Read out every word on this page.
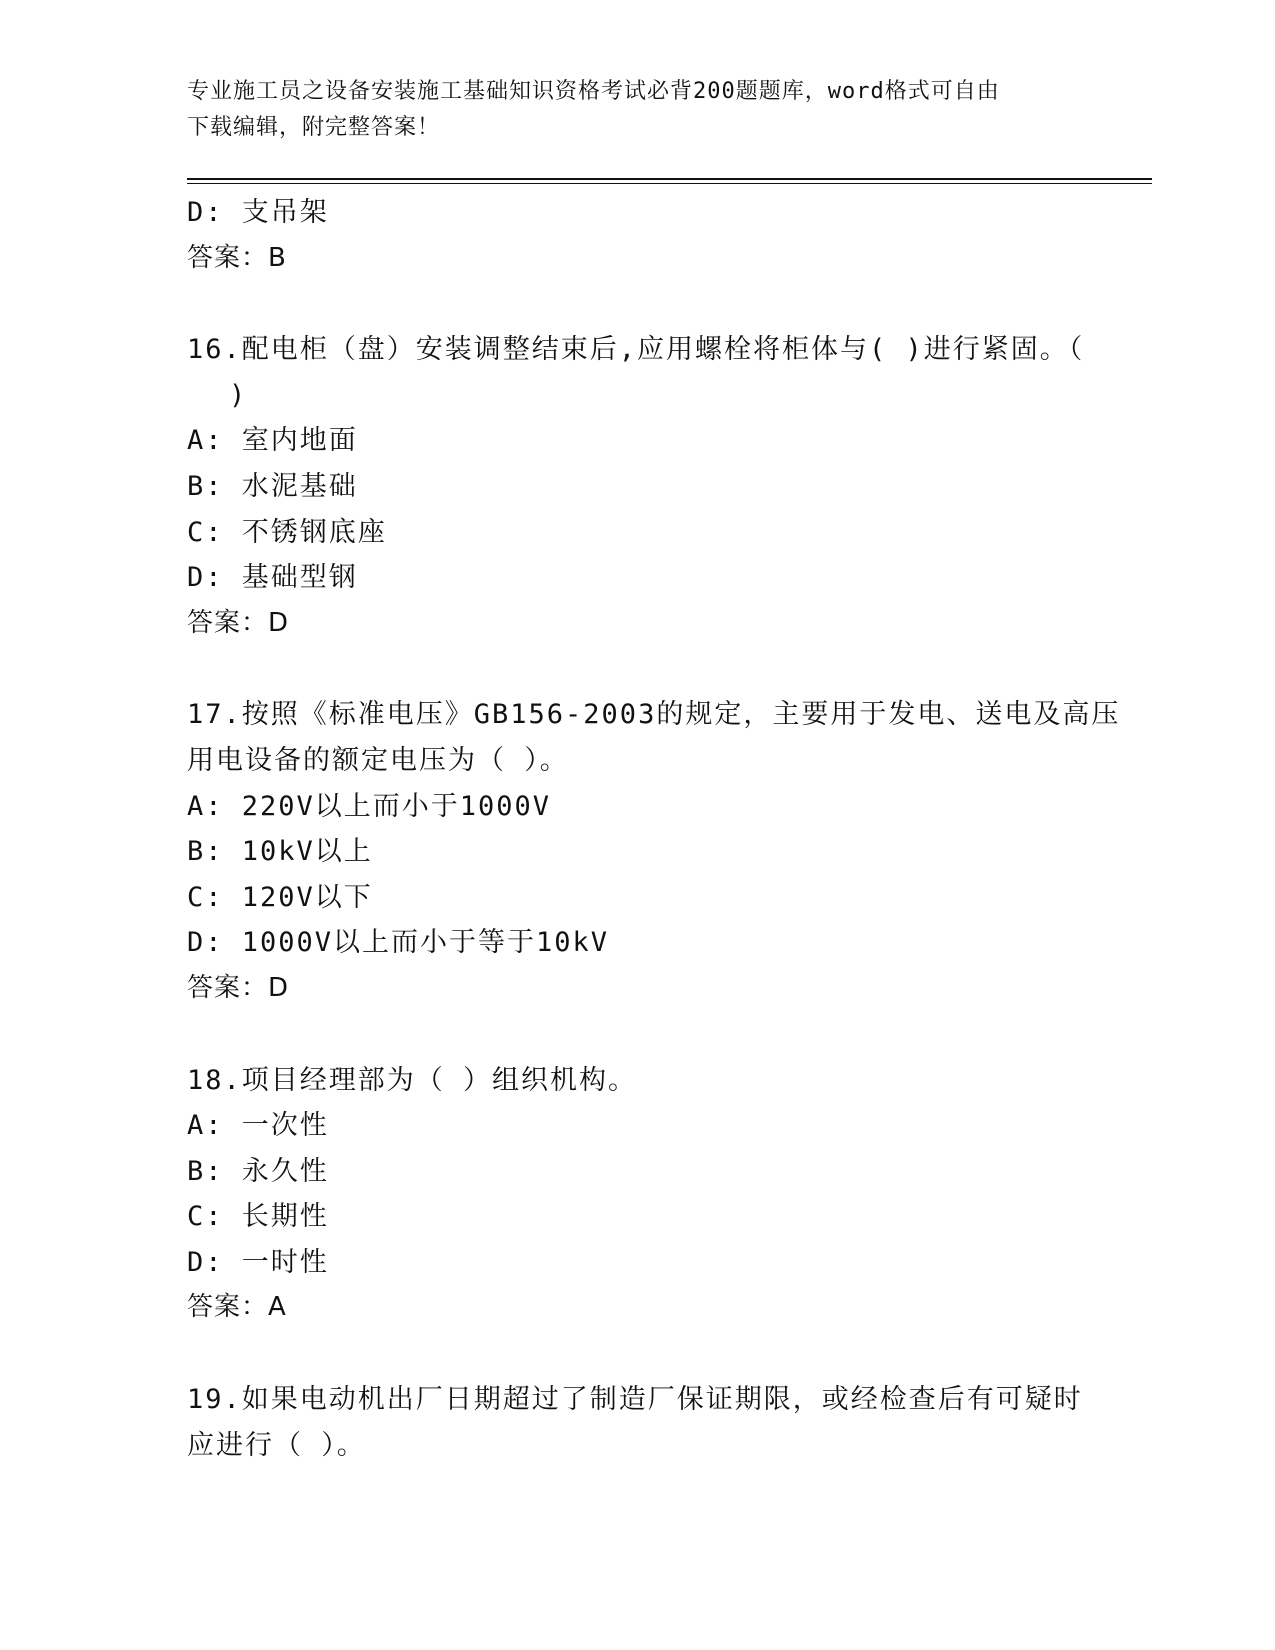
专业施工员之设备安装施工基础知识资格考试必背200题题库，word格式可自由
下载编辑，附完整答案！
D: 支吊架
答案：B
16.配电柜（盘）安装调整结束后,应用螺栓将柜体与( )进行紧固。（
)
A: 室内地面
B: 水泥基础
C: 不锈钢底座
D: 基础型钢
答案：D
17.按照《标准电压》GB156-2003的规定，主要用于发电、送电及高压
用电设备的额定电压为（ ）。
A: 220V以上而小于1000V
B: 10kV以上
C: 120V以下
D: 1000V以上而小于等于10kV
答案：D
18.项目经理部为（ ）组织机构。
A: 一次性
B: 永久性
C: 长期性
D: 一时性
答案：A
19.如果电动机出厂日期超过了制造厂保证期限，或经检查后有可疑时
应进行（ ）。
